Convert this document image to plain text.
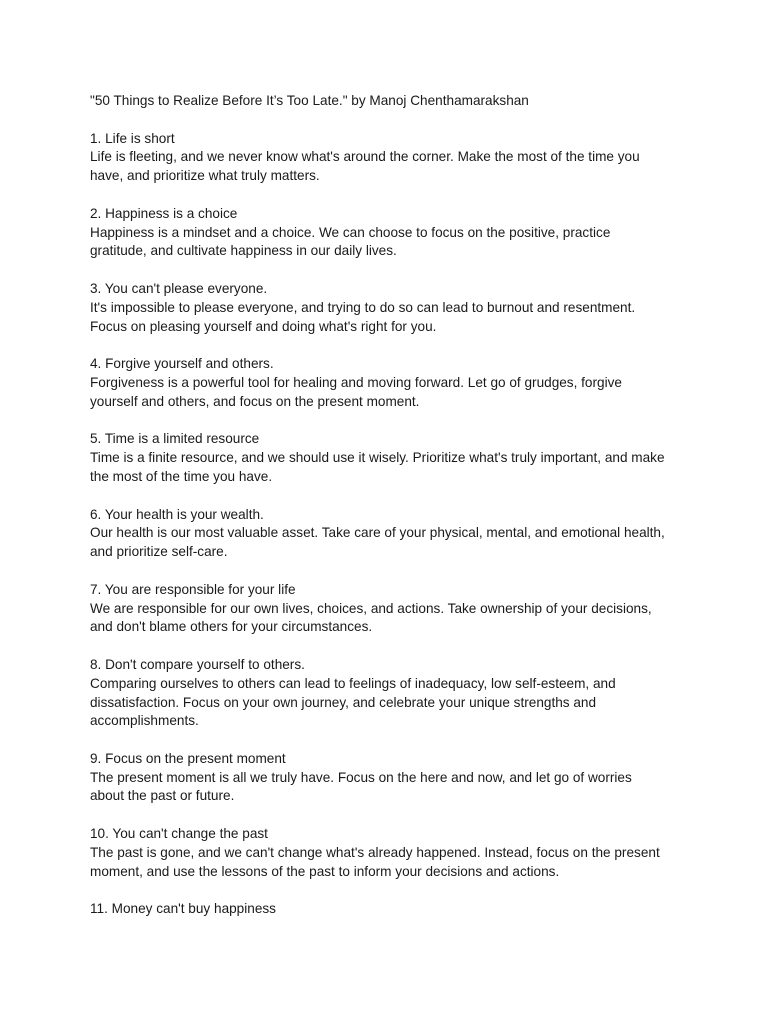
"50 Things to Realize Before It’s Too Late." by Manoj Chenthamarakshan

1. Life is short

Life is fleeting, and we never know what's around the corner. Make the most of the time you

have, and prioritize what truly matters.

2. Happiness is a choice

Happiness is a mindset and a choice. We can choose to focus on the positive, practice

gratitude, and cultivate happiness in our daily lives.

3. You can't please everyone.

It's impossible to please everyone, and trying to do so can lead to burnout and resentment.

Focus on pleasing yourself and doing what's right for you.

4. Forgive yourself and others.

Forgiveness is a powerful tool for healing and moving forward. Let go of grudges, forgive

yourself and others, and focus on the present moment.

5. Time is a limited resource

Time is a finite resource, and we should use it wisely. Prioritize what's truly important, and make

the most of the time you have.

6. Your health is your wealth.

Our health is our most valuable asset. Take care of your physical, mental, and emotional health,

and prioritize self-care.

7. You are responsible for your life

We are responsible for our own lives, choices, and actions. Take ownership of your decisions,

and don't blame others for your circumstances.

8. Don't compare yourself to others.

Comparing ourselves to others can lead to feelings of inadequacy, low self-esteem, and

dissatisfaction. Focus on your own journey, and celebrate your unique strengths and

accomplishments.

9. Focus on the present moment

The present moment is all we truly have. Focus on the here and now, and let go of worries

about the past or future.

10. You can't change the past

The past is gone, and we can't change what's already happened. Instead, focus on the present

moment, and use the lessons of the past to inform your decisions and actions.

11. Money can't buy happiness
